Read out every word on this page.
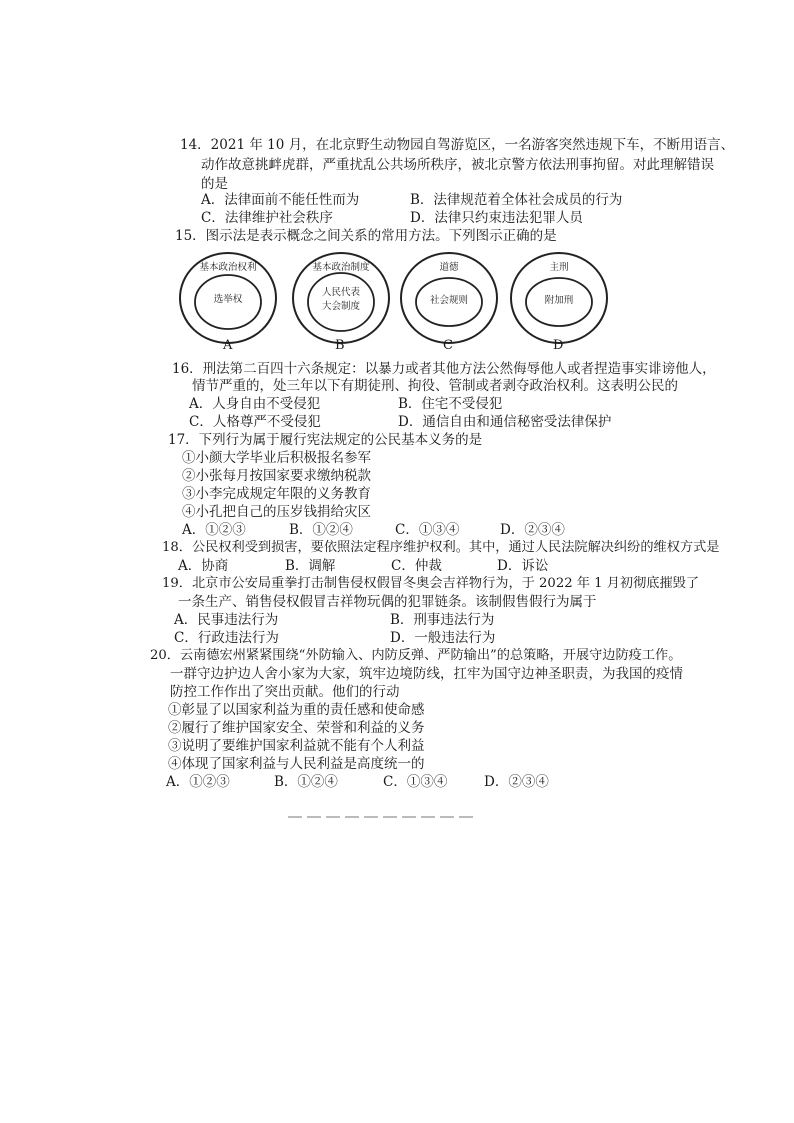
14．2021 年 10 月，在北京野生动物园自驾游览区，一名游客突然违规下车，不断用语言、
动作故意挑衅虎群，严重扰乱公共场所秩序，被北京警方依法刑事拘留。对此理解错误
的是
A．法律面前不能任性而为	B．法律规范着全体社会成员的行为
C．法律维护社会秩序	D．法律只约束违法犯罪人员
15．图示法是表示概念之间关系的常用方法。下列图示正确的是
基本政治权利
选举权
基本政治制度
人民代表
大会制度
道德
社会规则
主刑
附加刑
A	B	C	D
16．刑法第二百四十六条规定：以暴力或者其他方法公然侮辱他人或者捏造事实诽谤他人，
情节严重的，处三年以下有期徒刑、拘役、管制或者剥夺政治权利。这表明公民的
A．人身自由不受侵犯	B．住宅不受侵犯
C．人格尊严不受侵犯	D．通信自由和通信秘密受法律保护
17．下列行为属于履行宪法规定的公民基本义务的是
①小颜大学毕业后积极报名参军
②小张每月按国家要求缴纳税款
③小李完成规定年限的义务教育
④小孔把自己的压岁钱捐给灾区
A．①②③	B．①②④	C．①③④	D．②③④
18．公民权利受到损害，要依照法定程序维护权利。其中，通过人民法院解决纠纷的维权方式是
A．协商	B．调解	C．仲裁	D．诉讼
19．北京市公安局重拳打击制售侵权假冒冬奥会吉祥物行为，于 2022 年 1 月初彻底摧毁了
一条生产、销售侵权假冒吉祥物玩偶的犯罪链条。该制假售假行为属于
A．民事违法行为	B．刑事违法行为
C．行政违法行为	D．一般违法行为
20．云南德宏州紧紧围绕“外防输入、内防反弹、严防输出”的总策略，开展守边防疫工作。
一群守边护边人舍小家为大家，筑牢边境防线，扛牢为国守边神圣职责，为我国的疫情
防控工作作出了突出贡献。他们的行动
①彰显了以国家利益为重的责任感和使命感
②履行了维护国家安全、荣誉和利益的义务
③说明了要维护国家利益就不能有个人利益
④体现了国家利益与人民利益是高度统一的
A．①②③	B．①②④	C．①③④	D．②③④
